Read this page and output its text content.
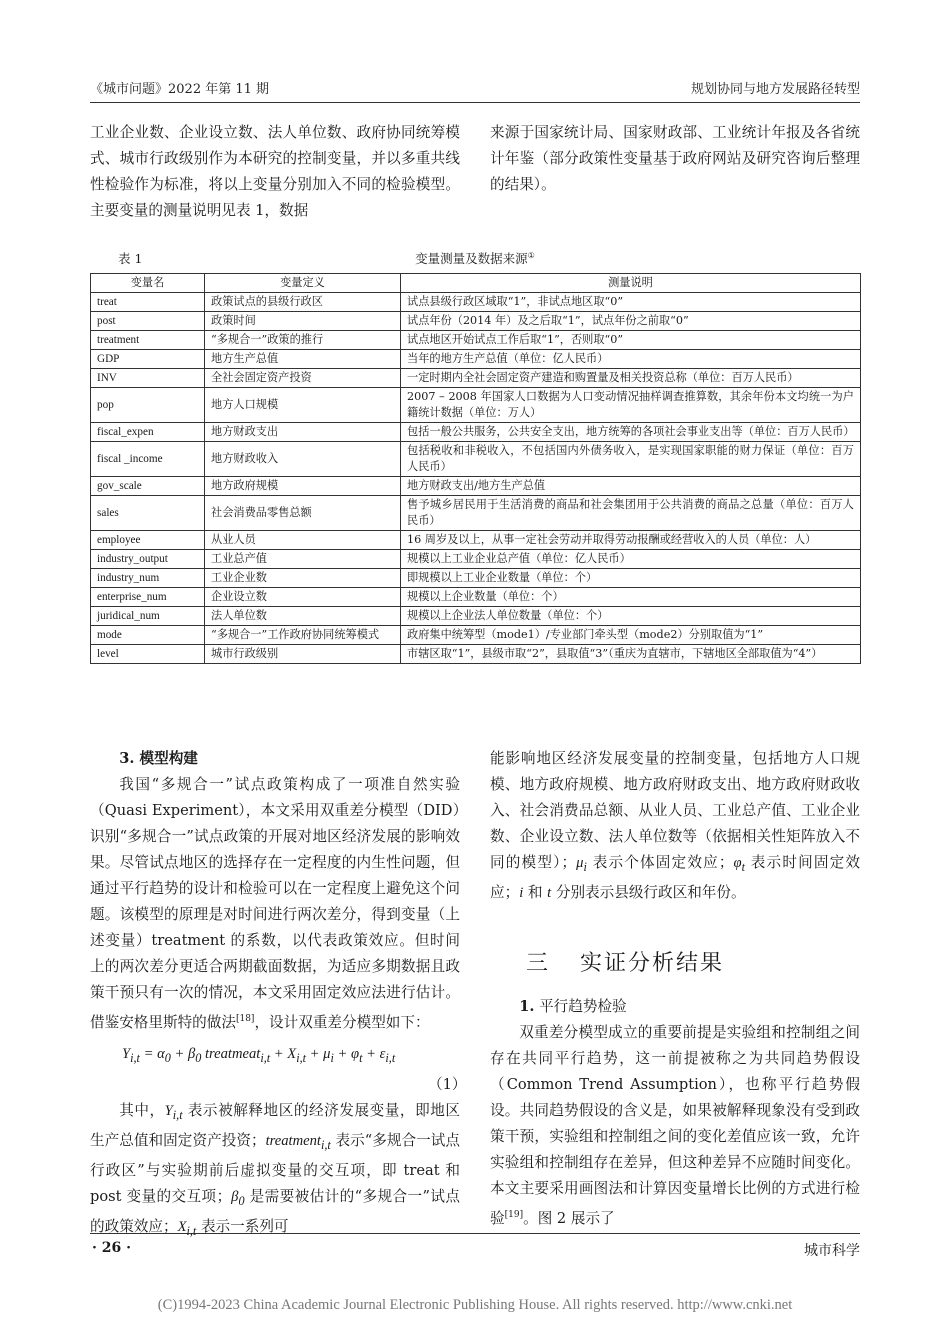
《城市问题》2022 年第 11 期	规划协同与地方发展路径转型

工业企业数、企业设立数、法人单位数、政府协同统筹模式、城市行政级别作为本研究的控制变量，并以多重共线性检验作为标准，将以上变量分别加入不同的检验模型。主要变量的测量说明见表 1，数据

来源于国家统计局、国家财政部、工业统计年报及各省统计年鉴（部分政策性变量基于政府网站及研究咨询后整理的结果）。

表 1	变量测量及数据来源①
变量名	变量定义	测量说明
treat	政策试点的县级行政区	试点县级行政区域取“1”，非试点地区取“0”
post	政策时间	试点年份（2014 年）及之后取“1”，试点年份之前取“0”
treatment	“多规合一”政策的推行	试点地区开始试点工作后取“1”，否则取“0”
GDP	地方生产总值	当年的地方生产总值（单位：亿人民币）
INV	全社会固定资产投资	一定时期内全社会固定资产建造和购置量及相关投资总称（单位：百万人民币）
pop	地方人口规模	2007 – 2008 年国家人口数据为人口变动情况抽样调查推算数，其余年份本文均统一为户籍统计数据（单位：万人）
fiscal_expen	地方财政支出	包括一般公共服务，公共安全支出，地方统筹的各项社会事业支出等（单位：百万人民币）
fiscal _income	地方财政收入	包括税收和非税收入，不包括国内外债务收入，是实现国家职能的财力保证（单位：百万人民币）
gov_scale	地方政府规模	地方财政支出/地方生产总值
sales	社会消费品零售总额	售予城乡居民用于生活消费的商品和社会集团用于公共消费的商品之总量（单位：百万人民币）
employee	从业人员	16 周岁及以上，从事一定社会劳动并取得劳动报酬或经营收入的人员（单位：人）
industry_output	工业总产值	规模以上工业企业总产值（单位：亿人民币）
industry_num	工业企业数	即规模以上工业企业数量（单位：个）
enterprise_num	企业设立数	规模以上企业数量（单位：个）
juridical_num	法人单位数	规模以上企业法人单位数量（单位：个）
mode	“多规合一”工作政府协同统筹模式	政府集中统筹型（mode1）/专业部门牵头型（mode2）分别取值为“1”
level	城市行政级别	市辖区取“1”，县级市取“2”，县取值“3”（重庆为直辖市，下辖地区全部取值为“4”）

3. 模型构建

我国“多规合一”试点政策构成了一项准自然实验（Quasi Experiment），本文采用双重差分模型（DID）识别“多规合一”试点政策的开展对地区经济发展的影响效果。尽管试点地区的选择存在一定程度的内生性问题，但通过平行趋势的设计和检验可以在一定程度上避免这个问题。该模型的原理是对时间进行两次差分，得到变量（上述变量）treatment 的系数，以代表政策效应。但时间上的两次差分更适合两期截面数据，为适应多期数据且政策干预只有一次的情况，本文采用固定效应法进行估计。借鉴安格里斯特的做法[18]，设计双重差分模型如下：

$Y_{i,t} = \alpha_0 + \beta_0$ treatmeat$_{i,t}$ + $X_{i,t} + \mu_i + \varphi_t + \varepsilon_{i,t}$
（1）

其中，$Y_{i,t}$ 表示被解释地区的经济发展变量，即地区生产总值和固定资产投资；treatment$_{i,t}$ 表示“多规合一试点行政区”与实验期前后虚拟变量的交互项，即 treat 和 post 变量的交互项；$\beta_0$ 是需要被估计的“多规合一”试点的政策效应；$X_{i,t}$ 表示一系列可

能影响地区经济发展变量的控制变量，包括地方人口规模、地方政府规模、地方政府财政支出、地方政府财政收入、社会消费品总额、从业人员、工业总产值、工业企业数、企业设立数、法人单位数等（依据相关性矩阵放入不同的模型）；$\mu_i$ 表示个体固定效应；$\varphi_t$ 表示时间固定效应；i 和 t 分别表示县级行政区和年份。

三 实证分析结果

1. 平行趋势检验

双重差分模型成立的重要前提是实验组和控制组之间存在共同平行趋势，这一前提被称之为共同趋势假设（Common Trend Assumption），也称平行趋势假设。共同趋势假设的含义是，如果被解释现象没有受到政策干预，实验组和控制组之间的变化差值应该一致，允许实验组和控制组存在差异，但这种差异不应随时间变化。本文主要采用画图法和计算因变量增长比例的方式进行检验[19]。图 2 展示了

· 26 ·	城市科学
(C)1994-2023 China Academic Journal Electronic Publishing House. All rights reserved. http://www.cnki.net
